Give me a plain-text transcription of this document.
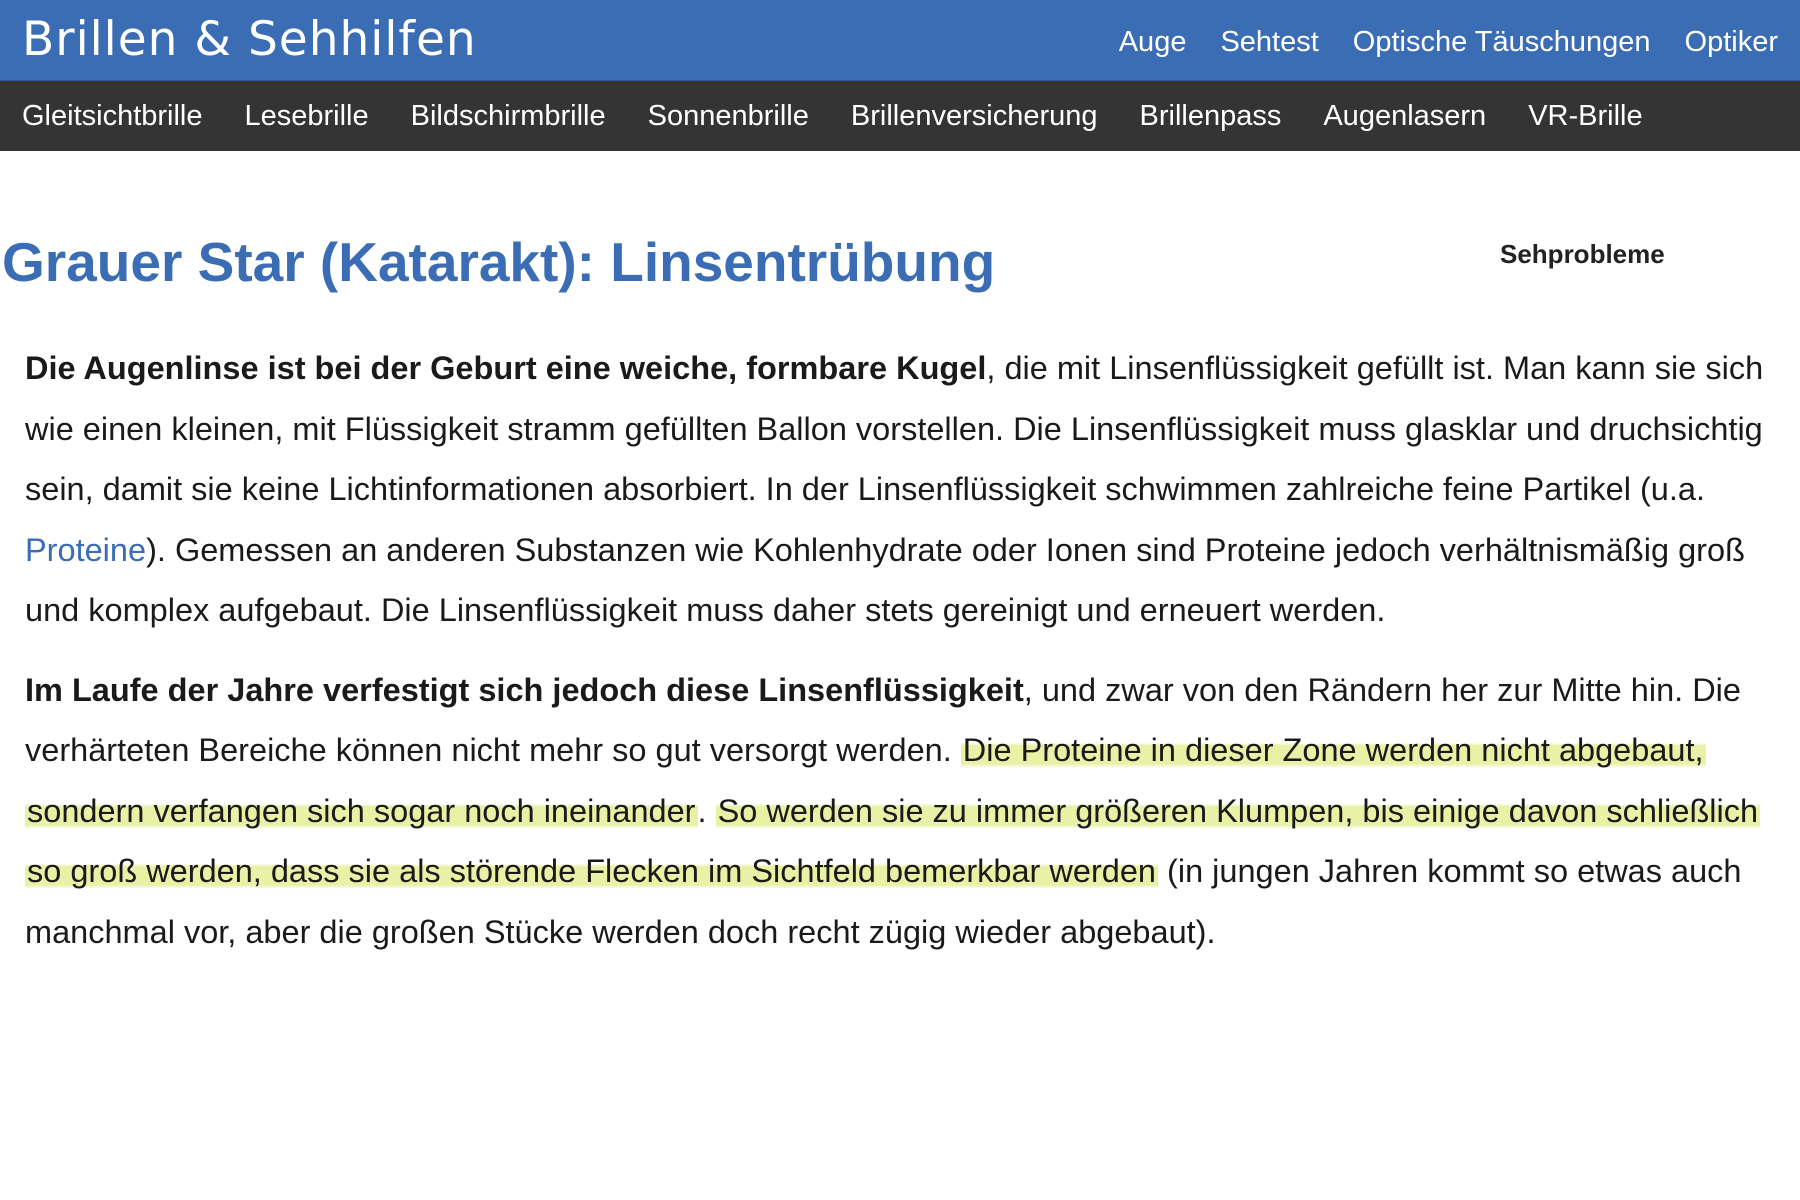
Brillen & Sehhilfen	Auge Sehtest Optische Täuschungen Optiker
Gleitsichtbrille Lesebrille Bildschirmbrille Sonnenbrille Brillenversicherung Brillenpass Augenlasern VR-Brille
Grauer Star (Katarakt): Linsentrübung	Sehprobleme

Die Augenlinse ist bei der Geburt eine weiche, formbare Kugel, die mit Linsenflüssigkeit gefüllt ist. Man kann sie sich wie einen kleinen, mit Flüssigkeit stramm gefüllten Ballon vorstellen. Die Linsenflüssigkeit muss glasklar und druchsichtig sein, damit sie keine Lichtinformationen absorbiert. In der Linsenflüssigkeit schwimmen zahlreiche feine Partikel (u.a. Proteine). Gemessen an anderen Substanzen wie Kohlenhydrate oder Ionen sind Proteine jedoch verhältnismäßig groß und komplex aufgebaut. Die Linsenflüssigkeit muss daher stets gereinigt und erneuert werden.

Im Laufe der Jahre verfestigt sich jedoch diese Linsenflüssigkeit, und zwar von den Rändern her zur Mitte hin. Die verhärteten Bereiche können nicht mehr so gut versorgt werden. Die Proteine in dieser Zone werden nicht abgebaut, sondern verfangen sich sogar noch ineinander. So werden sie zu immer größeren Klumpen, bis einige davon schließlich so groß werden, dass sie als störende Flecken im Sichtfeld bemerkbar werden (in jungen Jahren kommt so etwas auch manchmal vor, aber die großen Stücke werden doch recht zügig wieder abgebaut).
